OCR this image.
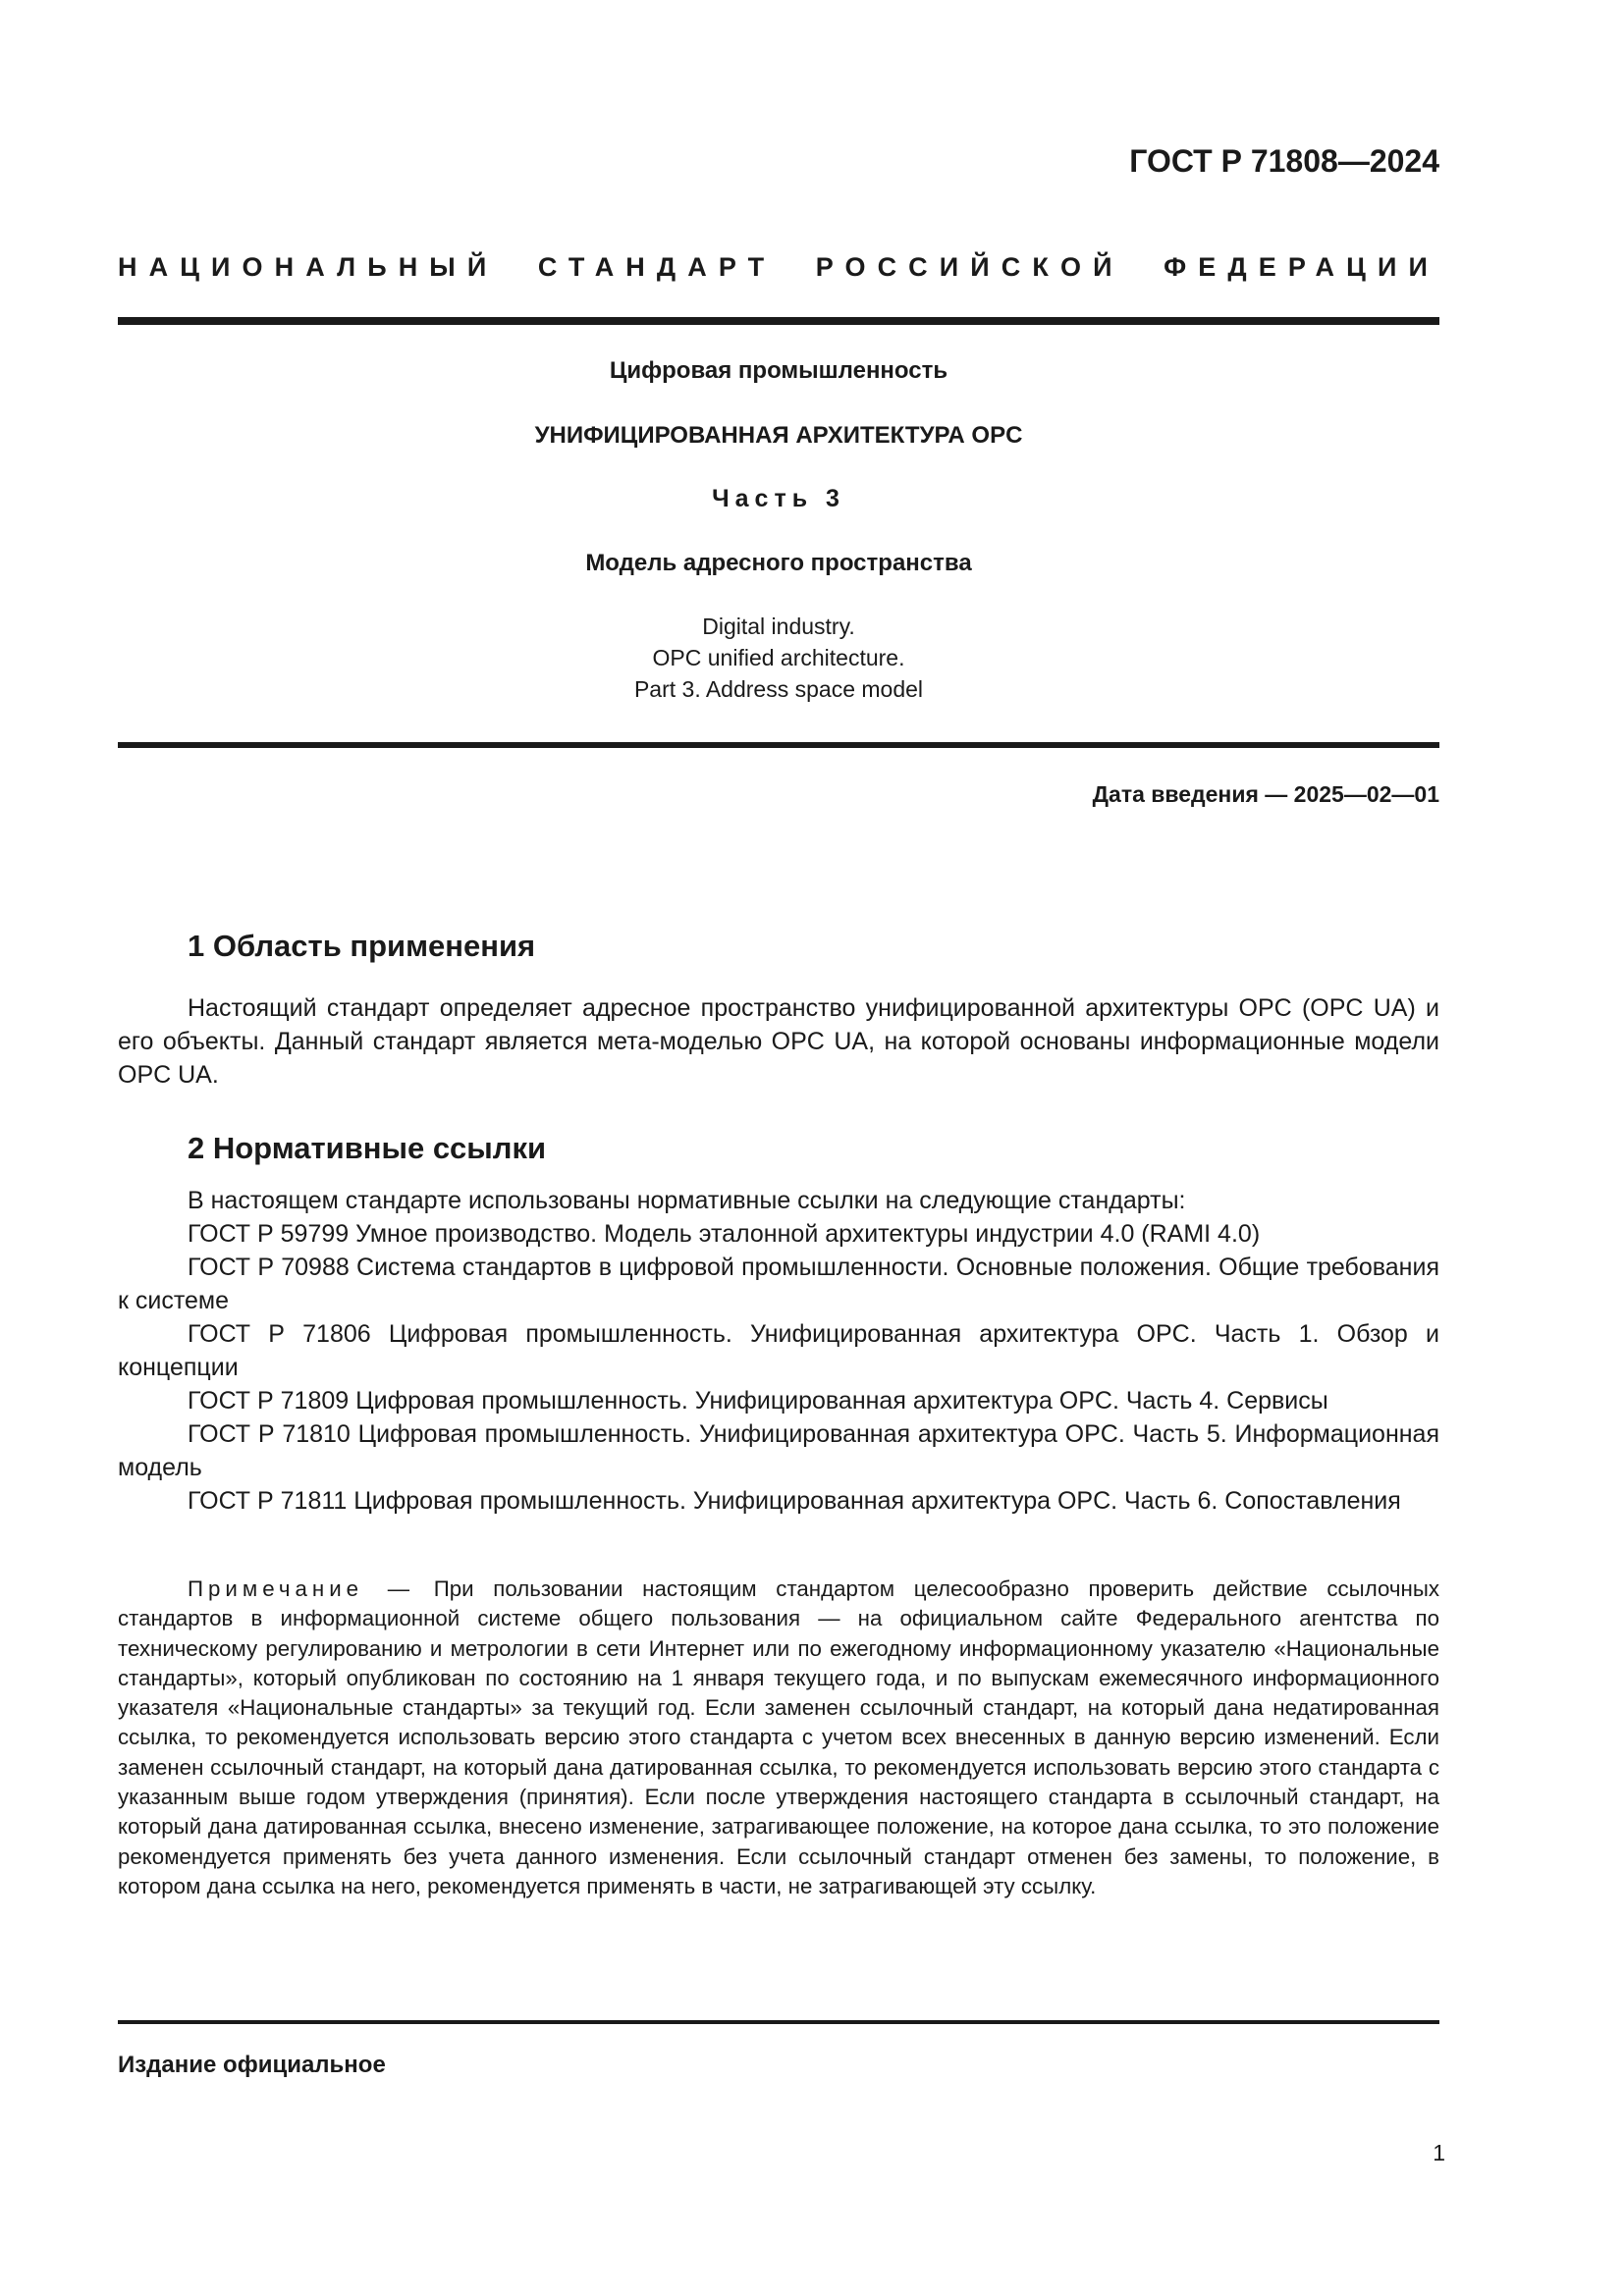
ГОСТ Р 71808—2024
НАЦИОНАЛЬНЫЙ СТАНДАРТ РОССИЙСКОЙ ФЕДЕРАЦИИ
Цифровая промышленность
УНИФИЦИРОВАННАЯ АРХИТЕКТУРА OPC
Часть 3
Модель адресного пространства
Digital industry.
OPC unified architecture.
Part 3. Address space model
Дата введения — 2025—02—01
1 Область применения

Настоящий стандарт определяет адресное пространство унифицированной архитектуры OPC (OPC UA) и его объекты. Данный стандарт является мета-моделью OPC UA, на которой основаны информационные модели OPC UA.

2 Нормативные ссылки

В настоящем стандарте использованы нормативные ссылки на следующие стандарты:

ГОСТ Р 59799 Умное производство. Модель эталонной архитектуры индустрии 4.0 (RAMI 4.0)

ГОСТ Р 70988 Система стандартов в цифровой промышленности. Основные положения. Общие требования к системе

ГОСТ Р 71806 Цифровая промышленность. Унифицированная архитектура OPC. Часть 1. Обзор и концепции

ГОСТ Р 71809 Цифровая промышленность. Унифицированная архитектура OPC. Часть 4. Сервисы

ГОСТ Р 71810 Цифровая промышленность. Унифицированная архитектура OPC. Часть 5. Информационная модель

ГОСТ Р 71811 Цифровая промышленность. Унифицированная архитектура OPC. Часть 6. Сопоставления

Примечание — При пользовании настоящим стандартом целесообразно проверить действие ссылочных стандартов в информационной системе общего пользования — на официальном сайте Федерального агентства по техническому регулированию и метрологии в сети Интернет или по ежегодному информационному указателю «Национальные стандарты», который опубликован по состоянию на 1 января текущего года, и по выпускам ежемесячного информационного указателя «Национальные стандарты» за текущий год. Если заменен ссылочный стандарт, на который дана недатированная ссылка, то рекомендуется использовать версию этого стандарта с учетом всех внесенных в данную версию изменений. Если заменен ссылочный стандарт, на который дана датированная ссылка, то рекомендуется использовать версию этого стандарта с указанным выше годом утверждения (принятия). Если после утверждения настоящего стандарта в ссылочный стандарт, на который дана датированная ссылка, внесено изменение, затрагивающее положение, на которое дана ссылка, то это положение рекомендуется применять без учета данного изменения. Если ссылочный стандарт отменен без замены, то положение, в котором дана ссылка на него, рекомендуется применять в части, не затрагивающей эту ссылку.
Издание официальное
1
